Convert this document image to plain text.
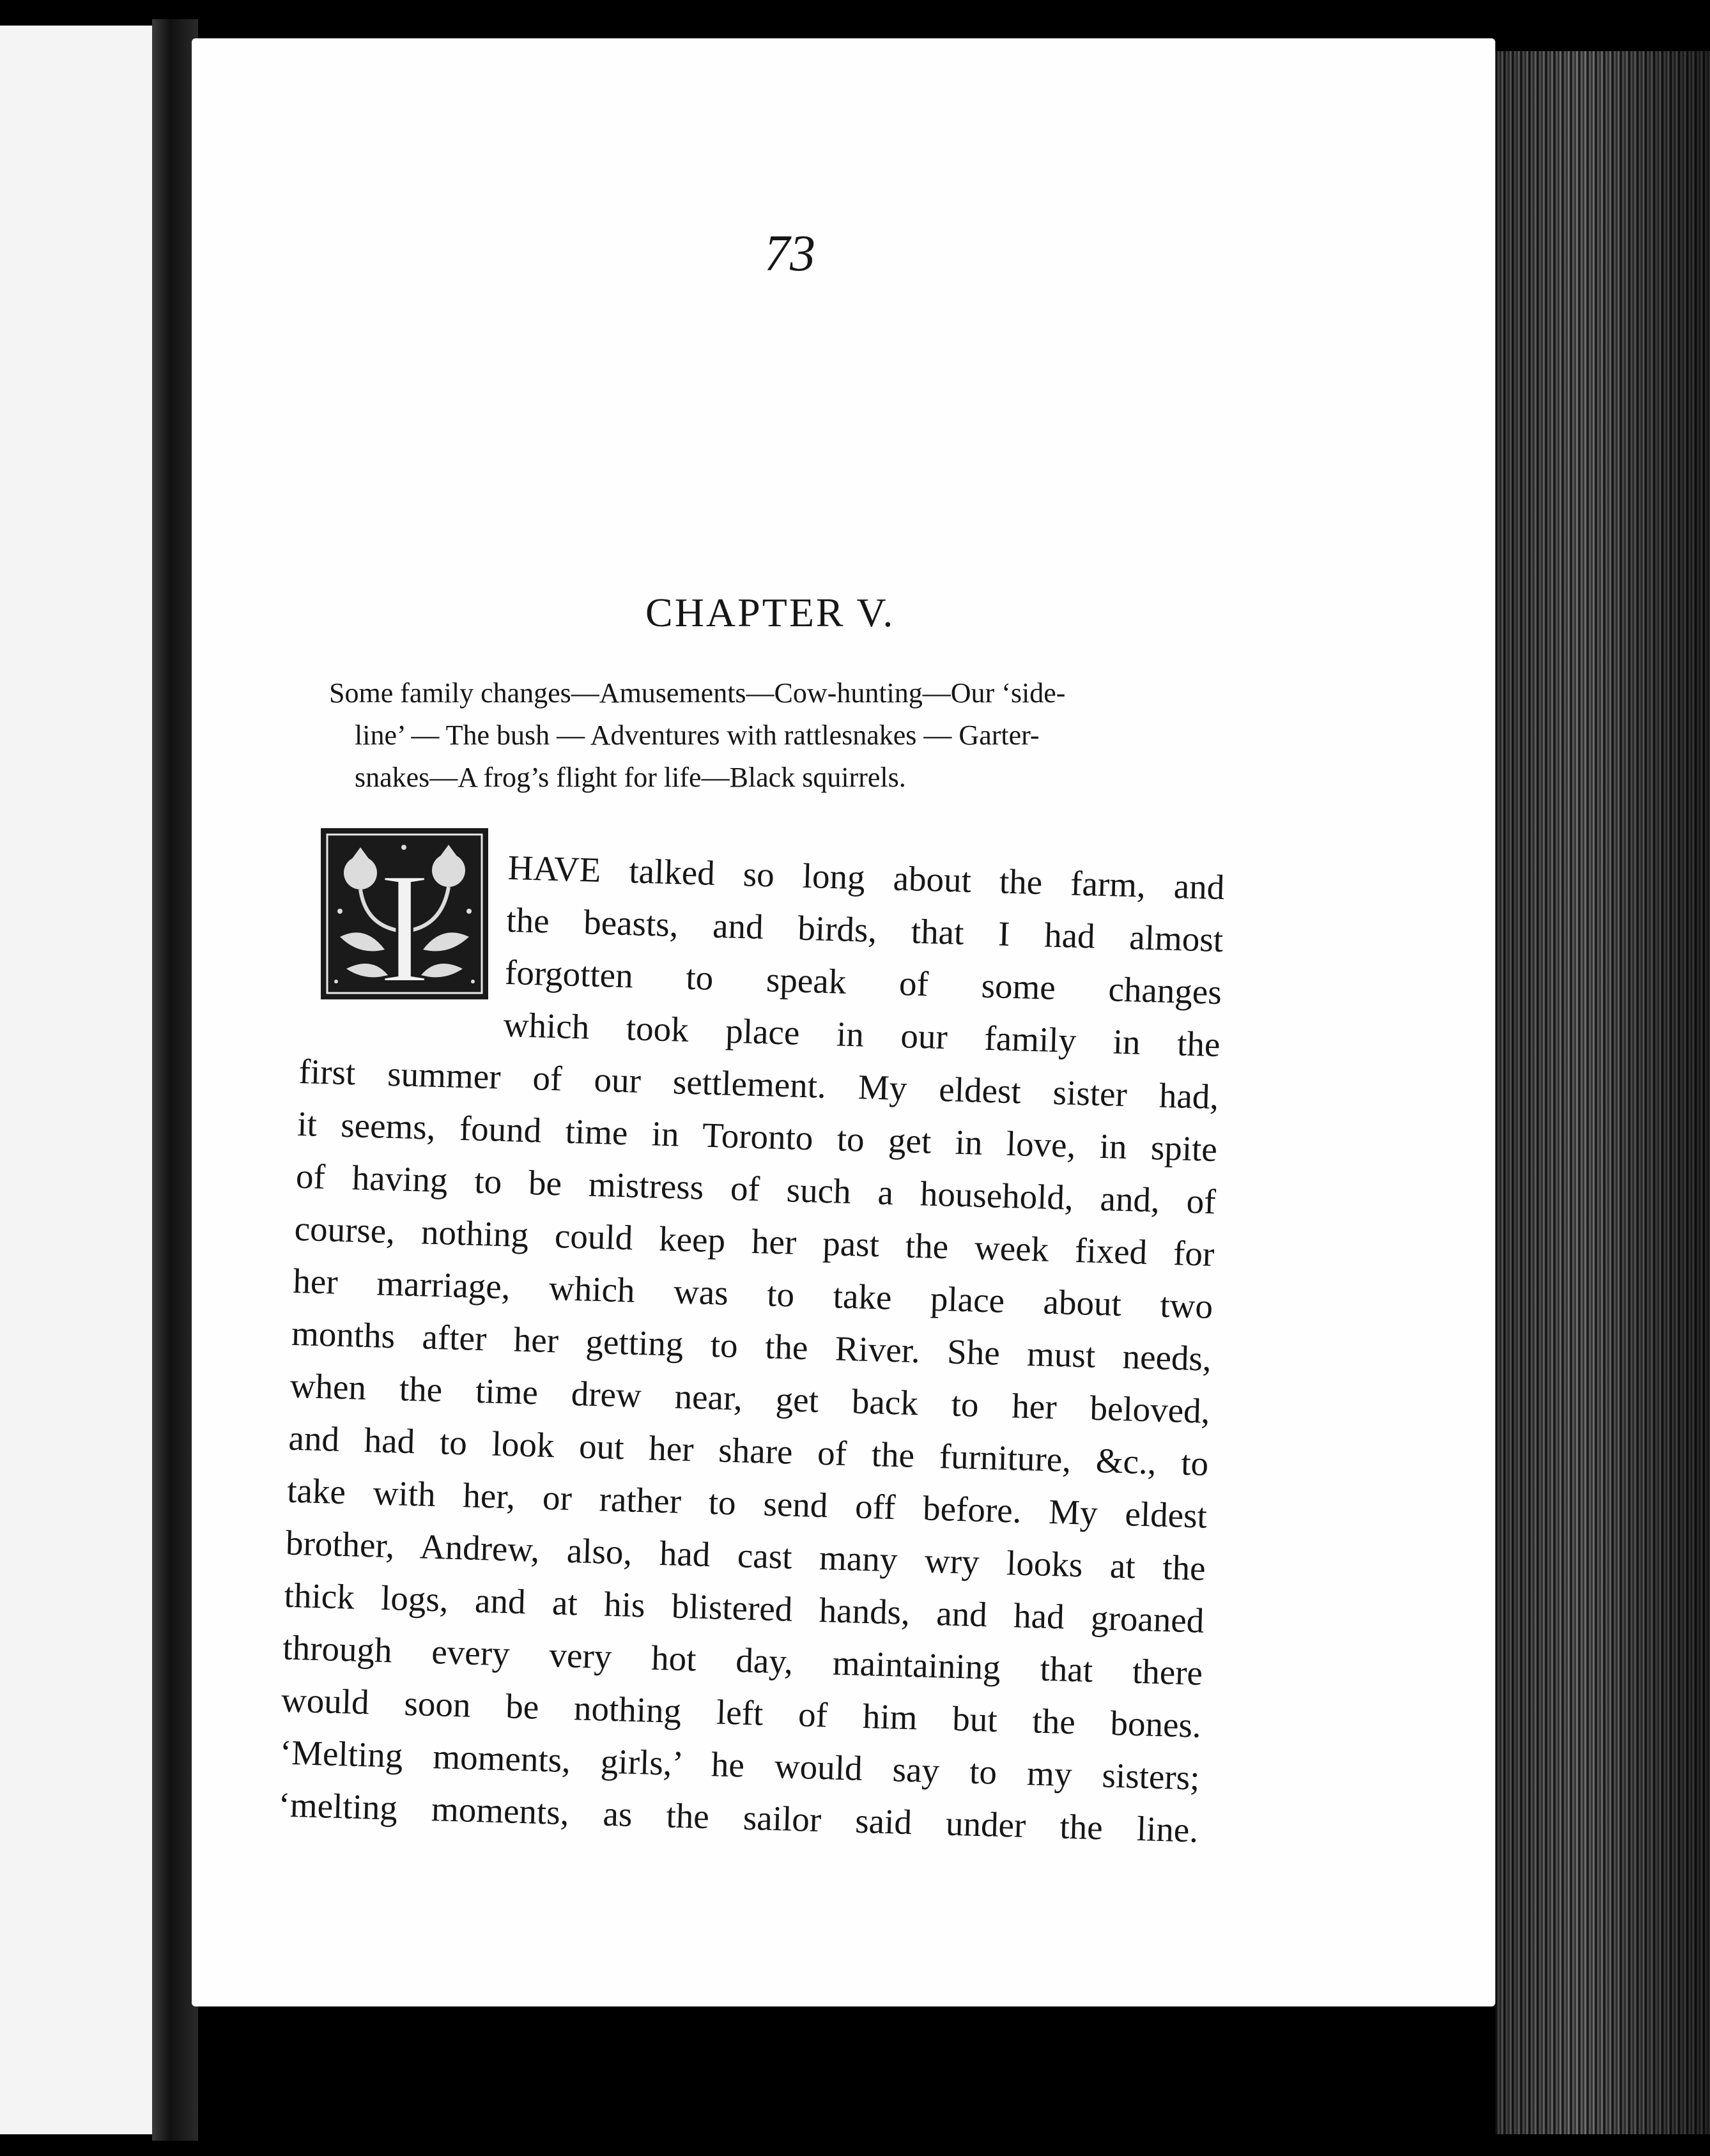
73
CHAPTER V.
Some family changes—Amusements—Cow-hunting—Our ‘side-
line’ — The bush — Adventures with rattlesnakes — Garter-
snakes—A frog’s flight for life—Black squirrels.
I HAVE talked so long about the farm, and
the beasts, and birds, that I had almost
forgotten to speak of some changes
which took place in our family in the
first summer of our settlement. My eldest sister had,
it seems, found time in Toronto to get in love, in spite
of having to be mistress of such a household, and, of
course, nothing could keep her past the week fixed for
her marriage, which was to take place about two
months after her getting to the River. She must needs,
when the time drew near, get back to her beloved,
and had to look out her share of the furniture, &c., to
take with her, or rather to send off before. My eldest
brother, Andrew, also, had cast many wry looks at the
thick logs, and at his blistered hands, and had groaned
through every very hot day, maintaining that there
would soon be nothing left of him but the bones.
‘Melting moments, girls,’ he would say to my sisters;
‘melting moments, as the sailor said under the line.
